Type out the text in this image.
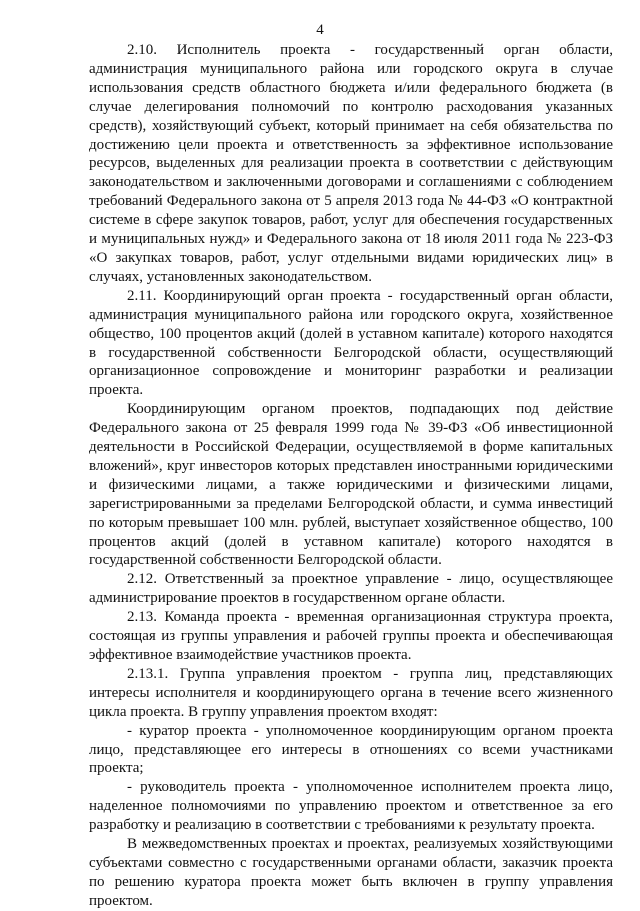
4

2.10. Исполнитель проекта - государственный орган области, администрация муниципального района или городского округа в случае использования средств областного бюджета и/или федерального бюджета (в случае делегирования полномочий по контролю расходования указанных средств), хозяйствующий субъект, который принимает на себя обязательства по достижению цели проекта и ответственность за эффективное использование ресурсов, выделенных для реализации проекта в соответствии с действующим законодательством и заключенными договорами и соглашениями с соблюдением требований Федерального закона от 5 апреля 2013 года № 44-ФЗ «О контрактной системе в сфере закупок товаров, работ, услуг для обеспечения государственных и муниципальных нужд» и Федерального закона от 18 июля 2011 года № 223-ФЗ «О закупках товаров, работ, услуг отдельными видами юридических лиц» в случаях, установленных законодательством.

2.11. Координирующий орган проекта - государственный орган области, администрация муниципального района или городского округа, хозяйственное общество, 100 процентов акций (долей в уставном капитале) которого находятся в государственной собственности Белгородской области, осуществляющий организационное сопровождение и мониторинг разработки и реализации проекта.

Координирующим органом проектов, подпадающих под действие Федерального закона от 25 февраля 1999 года № 39-ФЗ «Об инвестиционной деятельности в Российской Федерации, осуществляемой в форме капитальных вложений», круг инвесторов которых представлен иностранными юридическими и физическими лицами, а также юридическими и физическими лицами, зарегистрированными за пределами Белгородской области, и сумма инвестиций по которым превышает 100 млн. рублей, выступает хозяйственное общество, 100 процентов акций (долей в уставном капитале) которого находятся в государственной собственности Белгородской области.

2.12. Ответственный за проектное управление - лицо, осуществляющее администрирование проектов в государственном органе области.

2.13. Команда проекта - временная организационная структура проекта, состоящая из группы управления и рабочей группы проекта и обеспечивающая эффективное взаимодействие участников проекта.

2.13.1. Группа управления проектом - группа лиц, представляющих интересы исполнителя и координирующего органа в течение всего жизненного цикла проекта. В группу управления проектом входят:

- куратор проекта - уполномоченное координирующим органом проекта лицо, представляющее его интересы в отношениях со всеми участниками проекта;

- руководитель проекта - уполномоченное исполнителем проекта лицо, наделенное полномочиями по управлению проектом и ответственное за его разработку и реализацию в соответствии с требованиями к результату проекта.

В межведомственных проектах и проектах, реализуемых хозяйствующими субъектами совместно с государственными органами области, заказчик проекта по решению куратора проекта может быть включен в группу управления проектом.
